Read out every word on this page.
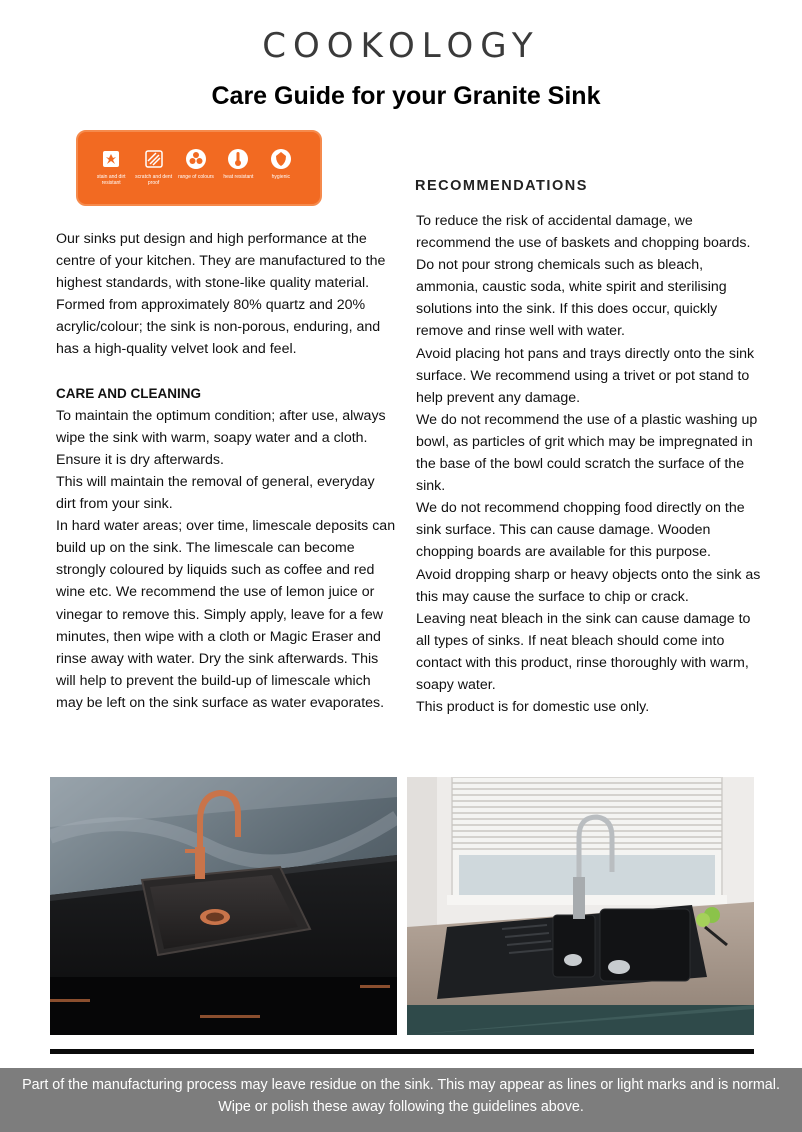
COOKOLOGY
Care Guide for your Granite Sink
stain and dirt resistant
scratch and dent proof
range of colours heat resistant	hygienic

Our sinks put design and high performance at the centre of your kitchen. They are manufactured to the highest standards, with stone-like quality material.

Formed from approximately 80% quartz and 20% acrylic/colour; the sink is non-porous, enduring, and has a high-quality velvet look and feel.

CARE AND CLEANING

To maintain the optimum condition; after use, always wipe the sink with warm, soapy water and a cloth. Ensure it is dry afterwards.

This will maintain the removal of general, everyday dirt from your sink.

In hard water areas; over time, limescale deposits can build up on the sink. The limescale can become strongly coloured by liquids such as coffee and red wine etc. We recommend the use of lemon juice or vinegar to remove this. Simply apply, leave for a few minutes, then wipe with a cloth or Magic Eraser and rinse away with water. Dry the sink afterwards. This will help to prevent the build-up of limescale which may be left on the sink surface as water evaporates.

RECOMMENDATIONS

To reduce the risk of accidental damage, we recommend the use of baskets and chopping boards.

Do not pour strong chemicals such as bleach, ammonia, caustic soda, white spirit and sterilising solutions into the sink. If this does occur, quickly remove and rinse well with water.

Avoid placing hot pans and trays directly onto the sink surface. We recommend using a trivet or pot stand to help prevent any damage.

We do not recommend the use of a plastic washing up bowl, as particles of grit which may be impregnated in the base of the bowl could scratch the surface of the sink.

We do not recommend chopping food directly on the sink surface. This can cause damage. Wooden chopping boards are available for this purpose.

Avoid dropping sharp or heavy objects onto the sink as this may cause the surface to chip or crack.

Leaving neat bleach in the sink can cause damage to all types of sinks. If neat bleach should come into contact with this product, rinse thoroughly with warm, soapy water.

This product is for domestic use only.

Part of the manufacturing process may leave residue on the sink. This may appear as lines or light marks and is normal.
Wipe or polish these away following the guidelines above.
